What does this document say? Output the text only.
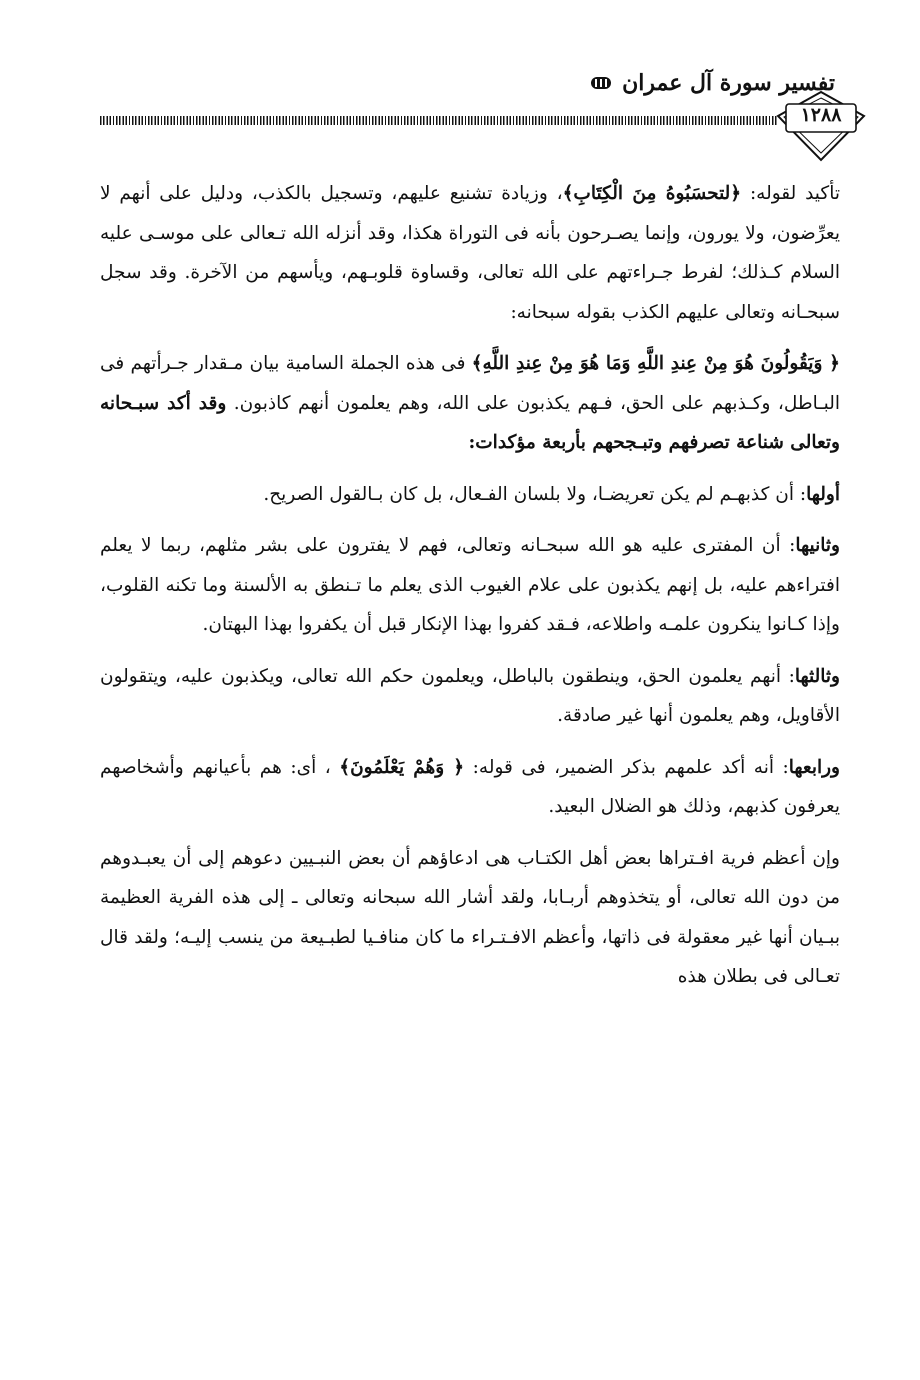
تفسير سورة آل عمران
١٢٨٨

تأكيد لقوله: ﴿لتحسَبُوهُ مِنَ الْكِتَابِ﴾، وزيادة تشنيع عليهم، وتسجيل بالكذب، ودليل على أنهم لا يعرِّضون، ولا يورون، وإنما يصـرحون بأنه فى التوراة هكذا، وقد أنزله الله تـعالى على موسـى عليه السلام كـذلك؛ لفرط جـراءتهم على الله تعالى، وقساوة قلوبـهم، ويأسهم من الآخرة. وقد سجل سبحـانه وتعالى عليهم الكذب بقوله سبحانه:

﴿ وَيَقُولُونَ هُوَ مِنْ عِندِ اللَّهِ وَمَا هُوَ مِنْ عِندِ اللَّهِ﴾ فى هذه الجملة السامية بيان مـقدار جـرأتهم فى البـاطل، وكـذبهم على الحق، فـهم يكذبون على الله، وهم يعلمون أنهم كاذبون. وقد أكد سبـحانه وتعالى شناعة تصرفهم وتبـجحهم بأربعة مؤكدات:

أولها: أن كذبهـم لم يكن تعريضـا، ولا بلسان الفـعال، بل كان بـالقول الصريح.

وثانيها: أن المفترى عليه هو الله سبحـانه وتعالى، فهم لا يفترون على بشر مثلهم، ربما لا يعلم افتراءهم عليه، بل إنهم يكذبون على علام الغيوب الذى يعلم ما تـنطق به الألسنة وما تكنه القلوب، وإذا كـانوا ينكرون علمـه واطلاعه، فـقد كفروا بهذا الإنكار قبل أن يكفروا بهذا البهتان.

وثالثها: أنهم يعلمون الحق، وينطقون بالباطل، ويعلمون حكم الله تعالى، ويكذبون عليه، ويتقولون الأقاويل، وهم يعلمون أنها غير صادقة.

ورابعها: أنه أكد علمهم بذكر الضمير، فى قوله: ﴿ وَهُمْ يَعْلَمُونَ﴾ ، أى: هم بأعيانهم وأشخاصهم يعرفون كذبهم، وذلك هو الضلال البعيد.

وإن أعظم فرية افـتراها بعض أهل الكتـاب هى ادعاؤهم أن بعض النبـيين دعوهم إلى أن يعبـدوهم من دون الله تعالى، أو يتخذوهم أربـابا، ولقد أشار الله سبحانه وتعالى ـ إلى هذه الفرية العظيمة ببـيان أنها غير معقولة فى ذاتها، وأعظم الافـتـراء ما كان منافـيا لطبـيعة من ينسب إليـه؛ ولقد قال تعـالى فى بطلان هذه
